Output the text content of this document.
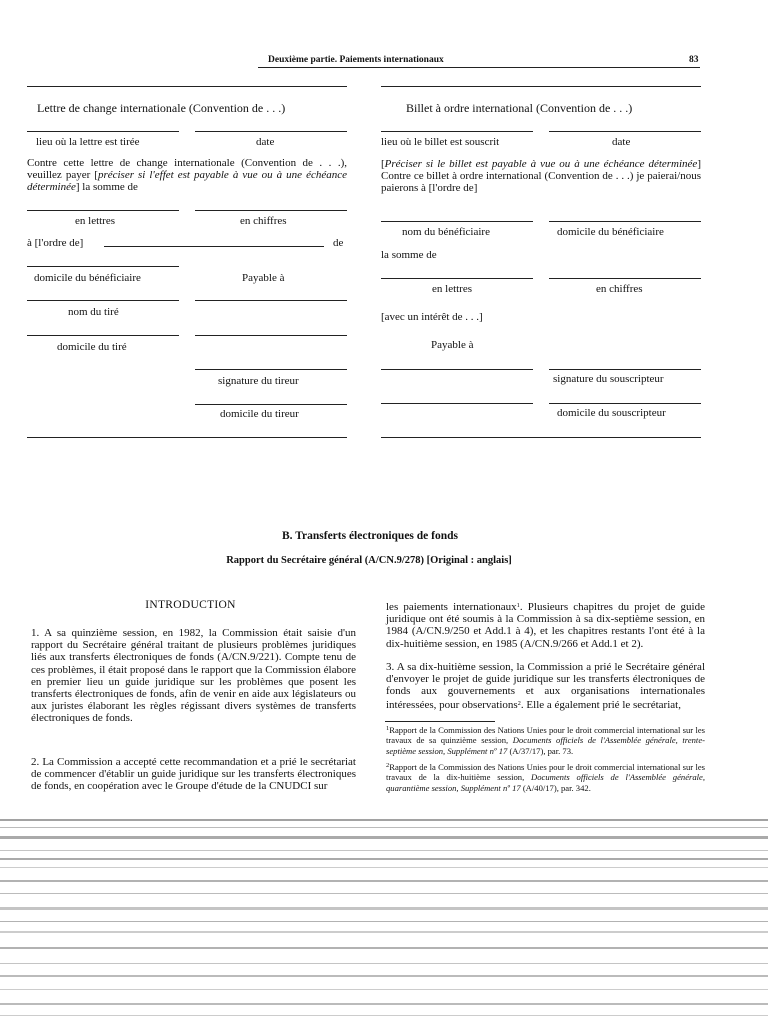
Deuxième partie. Paiements internationaux	83
Lettre de change internationale (Convention de . . .)
lieu où la lettre est tirée	date
Contre cette lettre de change internationale (Convention de . . .), veuillez payer [préciser si l'effet est payable à vue ou à une échéance déterminée] la somme de
en lettres	en chiffres
à [l'ordre de]	de
domicile du bénéficiaire	Payable à
nom du tiré
domicile du tiré
signature du tireur
domicile du tireur
Billet à ordre international (Convention de . . .)
lieu où le billet est souscrit	date
[Préciser si le billet est payable à vue ou à une échéance déterminée] Contre ce billet à ordre international (Convention de . . .) je paierai/nous paierons à [l'ordre de]
nom du bénéficiaire	domicile du bénéficiaire
la somme de
en lettres	en chiffres
[avec un intérêt de . . .]
Payable à
signature du souscripteur
domicile du souscripteur
B. Transferts électroniques de fonds
Rapport du Secrétaire général (A/CN.9/278) [Original : anglais]
INTRODUCTION
1. A sa quinzième session, en 1982, la Commission était saisie d'un rapport du Secrétaire général traitant de plusieurs problèmes juridiques liés aux transferts électroniques de fonds (A/CN.9/221). Compte tenu de ces problèmes, il était proposé dans le rapport que la Commission élabore en premier lieu un guide juridique sur les problèmes que posent les transferts électroniques de fonds, afin de venir en aide aux législateurs ou aux juristes élaborant les règles régissant divers systèmes de transferts électroniques de fonds.
2. La Commission a accepté cette recommandation et a prié le secrétariat de commencer d'établir un guide juridique sur les transferts électroniques de fonds, en coopération avec le Groupe d'étude de la CNUDCI sur
les paiements internationaux$^1$. Plusieurs chapitres du projet de guide juridique ont été soumis à la Commission à sa dix-septième session, en 1984 (A/CN.9/250 et Add.1 à 4), et les chapitres restants l'ont été à la dix-huitième session, en 1985 (A/CN.9/266 et Add.1 et 2).
3. A sa dix-huitième session, la Commission a prié le Secrétaire général d'envoyer le projet de guide juridique sur les transferts électroniques de fonds aux gouvernements et aux organisations internationales intéressées, pour observations$^2$. Elle a également prié le secrétariat,
$^1$Rapport de la Commission des Nations Unies pour le droit commercial international sur les travaux de sa quinzième session, Documents officiels de l'Assemblée générale, trente-septième session, Supplément nº 17 (A/37/17), par. 73.
$^2$Rapport de la Commission des Nations Unies pour le droit commercial international sur les travaux de la dix-huitième session, Documents officiels de l'Assemblée générale, quarantième session, Supplément nº 17 (A/40/17), par. 342.
